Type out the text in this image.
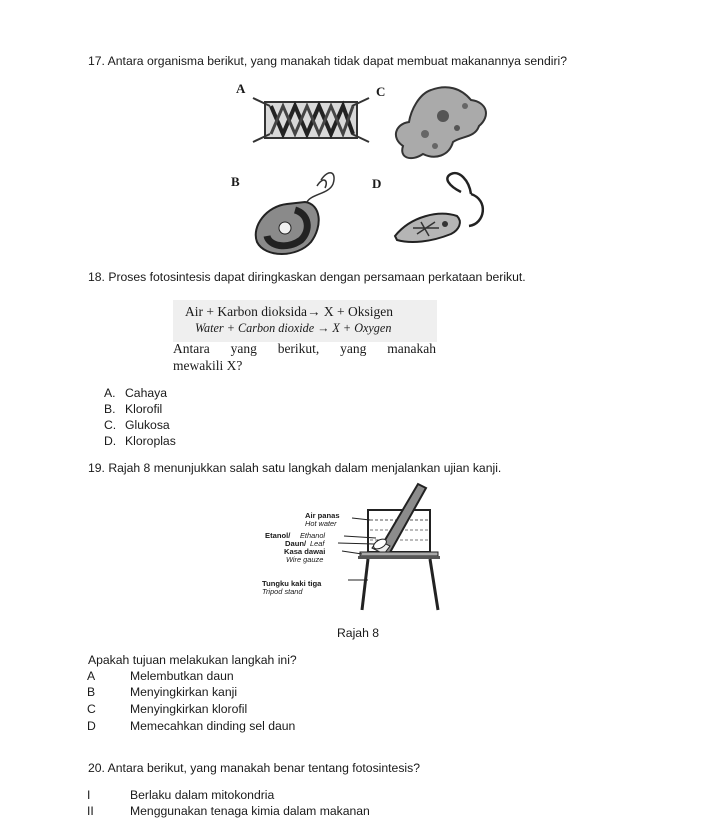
17. Antara organisma berikut, yang manakah tidak dapat membuat makanannya sendiri?
A	C
B	D
18. Proses fotosintesis dapat diringkaskan dengan persamaan perkataan berikut.
Air + Karbon dioksida→ X + Oksigen
Water + Carbon dioxide → X + Oxygen
Antara yang berikut, yang manakah
mewakili X?
A. Cahaya
B. Klorofil
C. Glukosa
D. Kloroplas
19. Rajah 8 menunjukkan salah satu langkah dalam menjalankan ujian kanji.
Air panas
Hot water
Etanol/ Ethanol
Daun/ Leaf
Kasa dawai
Wire gauze
Tungku kaki tiga
Tripod stand
Rajah 8
Apakah tujuan melakukan langkah ini?
A	Melembutkan daun
B	Menyingkirkan kanji
C	Menyingkirkan klorofil
D	Memecahkan dinding sel daun
20. Antara berikut, yang manakah benar tentang fotosintesis?
I	Berlaku dalam mitokondria
II	Menggunakan tenaga kimia dalam makanan
